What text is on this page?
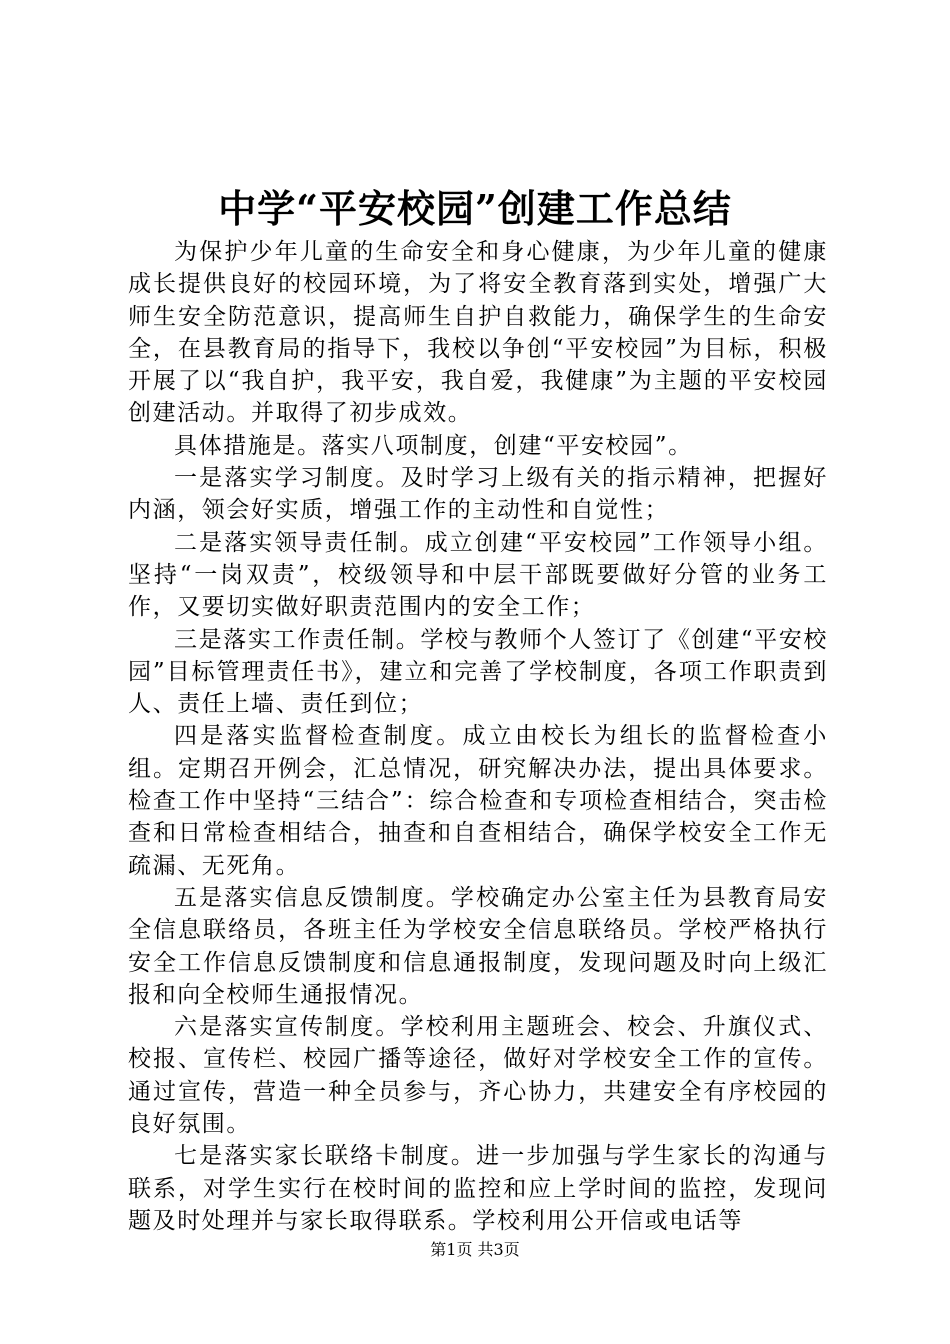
中学“平安校园”创建工作总结

为保护少年儿童的生命安全和身心健康，为少年儿童的健康成长提供良好的校园环境，为了将安全教育落到实处，增强广大师生安全防范意识，提高师生自护自救能力，确保学生的生命安全，在县教育局的指导下，我校以争创“平安校园”为目标，积极开展了以“我自护，我平安，我自爱，我健康”为主题的平安校园创建活动。并取得了初步成效。

具体措施是。落实八项制度，创建“平安校园”。

一是落实学习制度。及时学习上级有关的指示精神，把握好内涵，领会好实质，增强工作的主动性和自觉性；

二是落实领导责任制。成立创建“平安校园”工作领导小组。坚持“一岗双责”，校级领导和中层干部既要做好分管的业务工作，又要切实做好职责范围内的安全工作；

三是落实工作责任制。学校与教师个人签订了《创建“平安校园”目标管理责任书》，建立和完善了学校制度，各项工作职责到人、责任上墙、责任到位；

四是落实监督检查制度。成立由校长为组长的监督检查小组。定期召开例会，汇总情况，研究解决办法，提出具体要求。检查工作中坚持“三结合”：综合检查和专项检查相结合，突击检查和日常检查相结合，抽查和自查相结合，确保学校安全工作无疏漏、无死角。

五是落实信息反馈制度。学校确定办公室主任为县教育局安全信息联络员，各班主任为学校安全信息联络员。学校严格执行安全工作信息反馈制度和信息通报制度，发现问题及时向上级汇报和向全校师生通报情况。

六是落实宣传制度。学校利用主题班会、校会、升旗仪式、校报、宣传栏、校园广播等途径，做好对学校安全工作的宣传。通过宣传，营造一种全员参与，齐心协力，共建安全有序校园的良好氛围。

七是落实家长联络卡制度。进一步加强与学生家长的沟通与联系，对学生实行在校时间的监控和应上学时间的监控，发现问题及时处理并与家长取得联系。学校利用公开信或电话等

第1页 共3页
